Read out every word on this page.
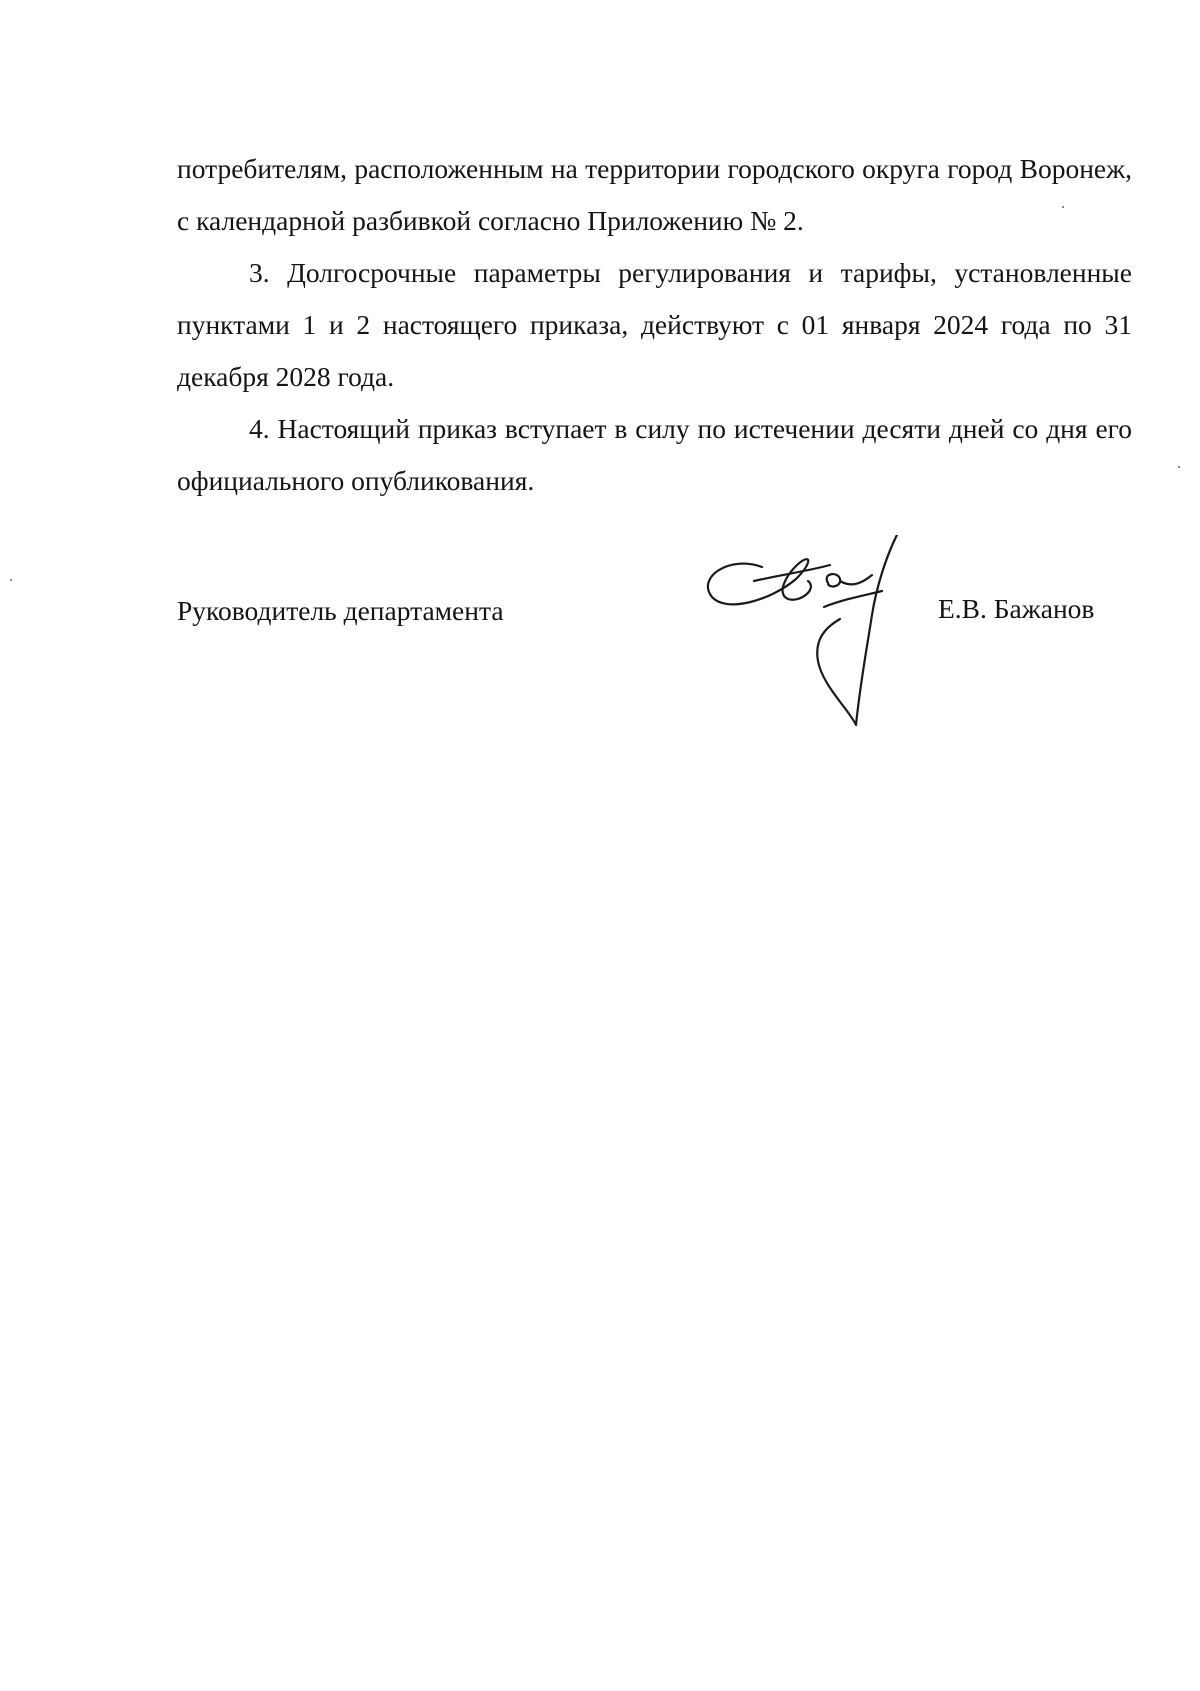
потребителям, расположенным на территории городского округа город Воронеж, с календарной разбивкой согласно Приложению № 2.

3. Долгосрочные параметры регулирования и тарифы, установленные пунктами 1 и 2 настоящего приказа, действуют с 01 января 2024 года по 31 декабря 2028 года.

4. Настоящий приказ вступает в силу по истечении десяти дней со дня его официального опубликования.

Руководитель департамента	Е.В. Бажанов
